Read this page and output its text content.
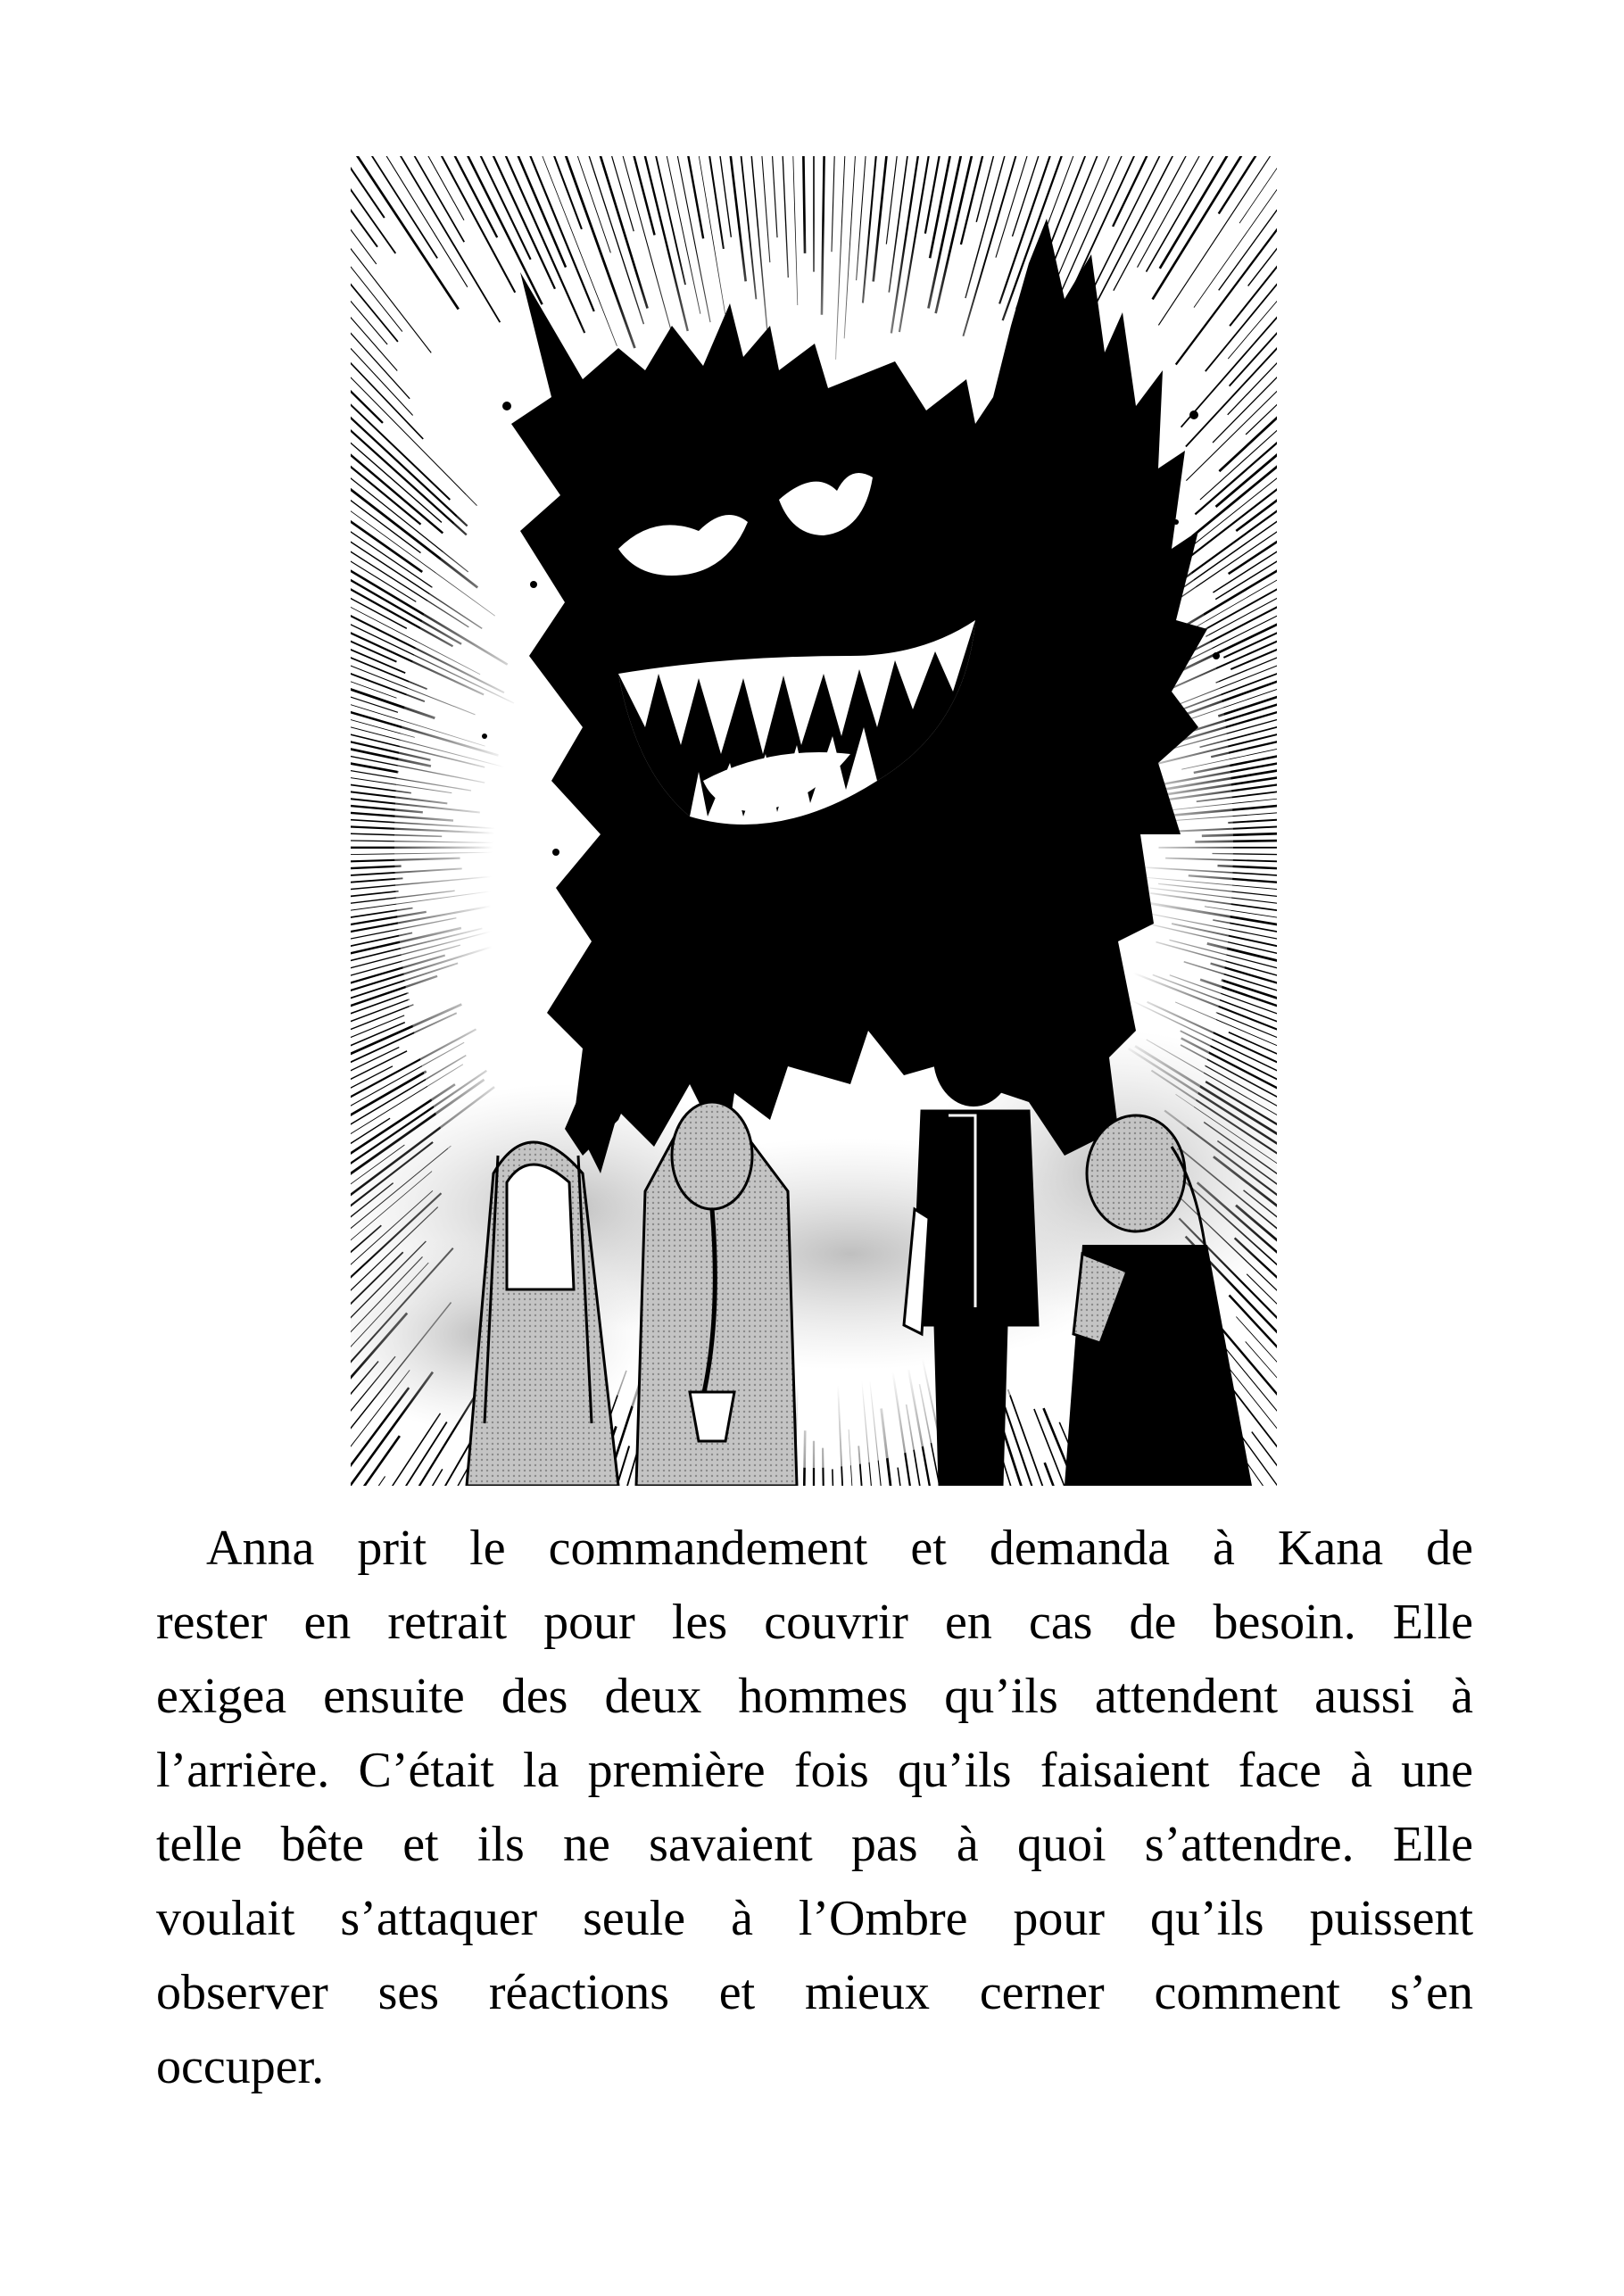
Anna prit le commandement et demanda à Kana de
rester en retrait pour les couvrir en cas de besoin. Elle
exigea ensuite des deux hommes qu’ils attendent aussi à
l’arrière. C’était la première fois qu’ils faisaient face à une
telle bête et ils ne savaient pas à quoi s’attendre. Elle
voulait s’attaquer seule à l’Ombre pour qu’ils puissent
observer ses réactions et mieux cerner comment s’en
occuper.
